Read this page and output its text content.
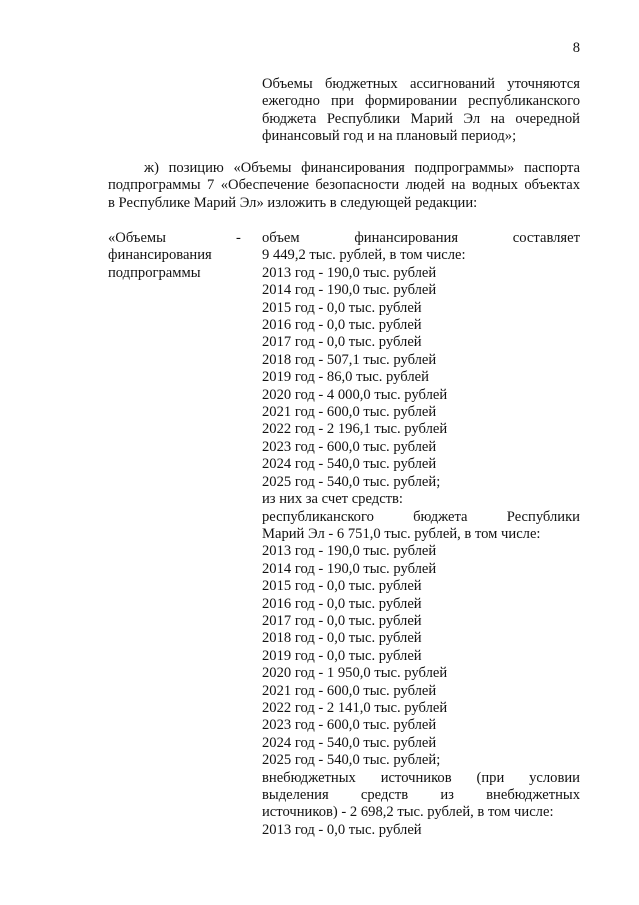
8
Объемы бюджетных ассигнований уточняются
ежегодно при формировании республиканского
бюджета Республики Марий Эл на очередной
финансовый год и на плановый период»;
ж) позицию «Объемы финансирования подпрограммы» паспорта
подпрограммы 7 «Обеспечение безопасности людей на водных объектах
в Республике Марий Эл» изложить в следующей редакции:
«Объемы
финансирования
подпрограммы
- объем финансирования составляет
9 449,2 тыс. рублей, в том числе:
2013 год - 190,0 тыс. рублей
2014 год - 190,0 тыс. рублей
2015 год - 0,0 тыс. рублей
2016 год - 0,0 тыс. рублей
2017 год - 0,0 тыс. рублей
2018 год - 507,1 тыс. рублей
2019 год - 86,0 тыс. рублей
2020 год - 4 000,0 тыс. рублей
2021 год - 600,0 тыс. рублей
2022 год - 2 196,1 тыс. рублей
2023 год - 600,0 тыс. рублей
2024 год - 540,0 тыс. рублей
2025 год - 540,0 тыс. рублей;
из них за счет средств:
республиканского бюджета Республики
Марий Эл - 6 751,0 тыс. рублей, в том числе:
2013 год - 190,0 тыс. рублей
2014 год - 190,0 тыс. рублей
2015 год - 0,0 тыс. рублей
2016 год - 0,0 тыс. рублей
2017 год - 0,0 тыс. рублей
2018 год - 0,0 тыс. рублей
2019 год - 0,0 тыс. рублей
2020 год - 1 950,0 тыс. рублей
2021 год - 600,0 тыс. рублей
2022 год - 2 141,0 тыс. рублей
2023 год - 600,0 тыс. рублей
2024 год - 540,0 тыс. рублей
2025 год - 540,0 тыс. рублей;
внебюджетных источников (при условии
выделения средств из внебюджетных
источников) - 2 698,2 тыс. рублей, в том числе:
2013 год - 0,0 тыс. рублей
